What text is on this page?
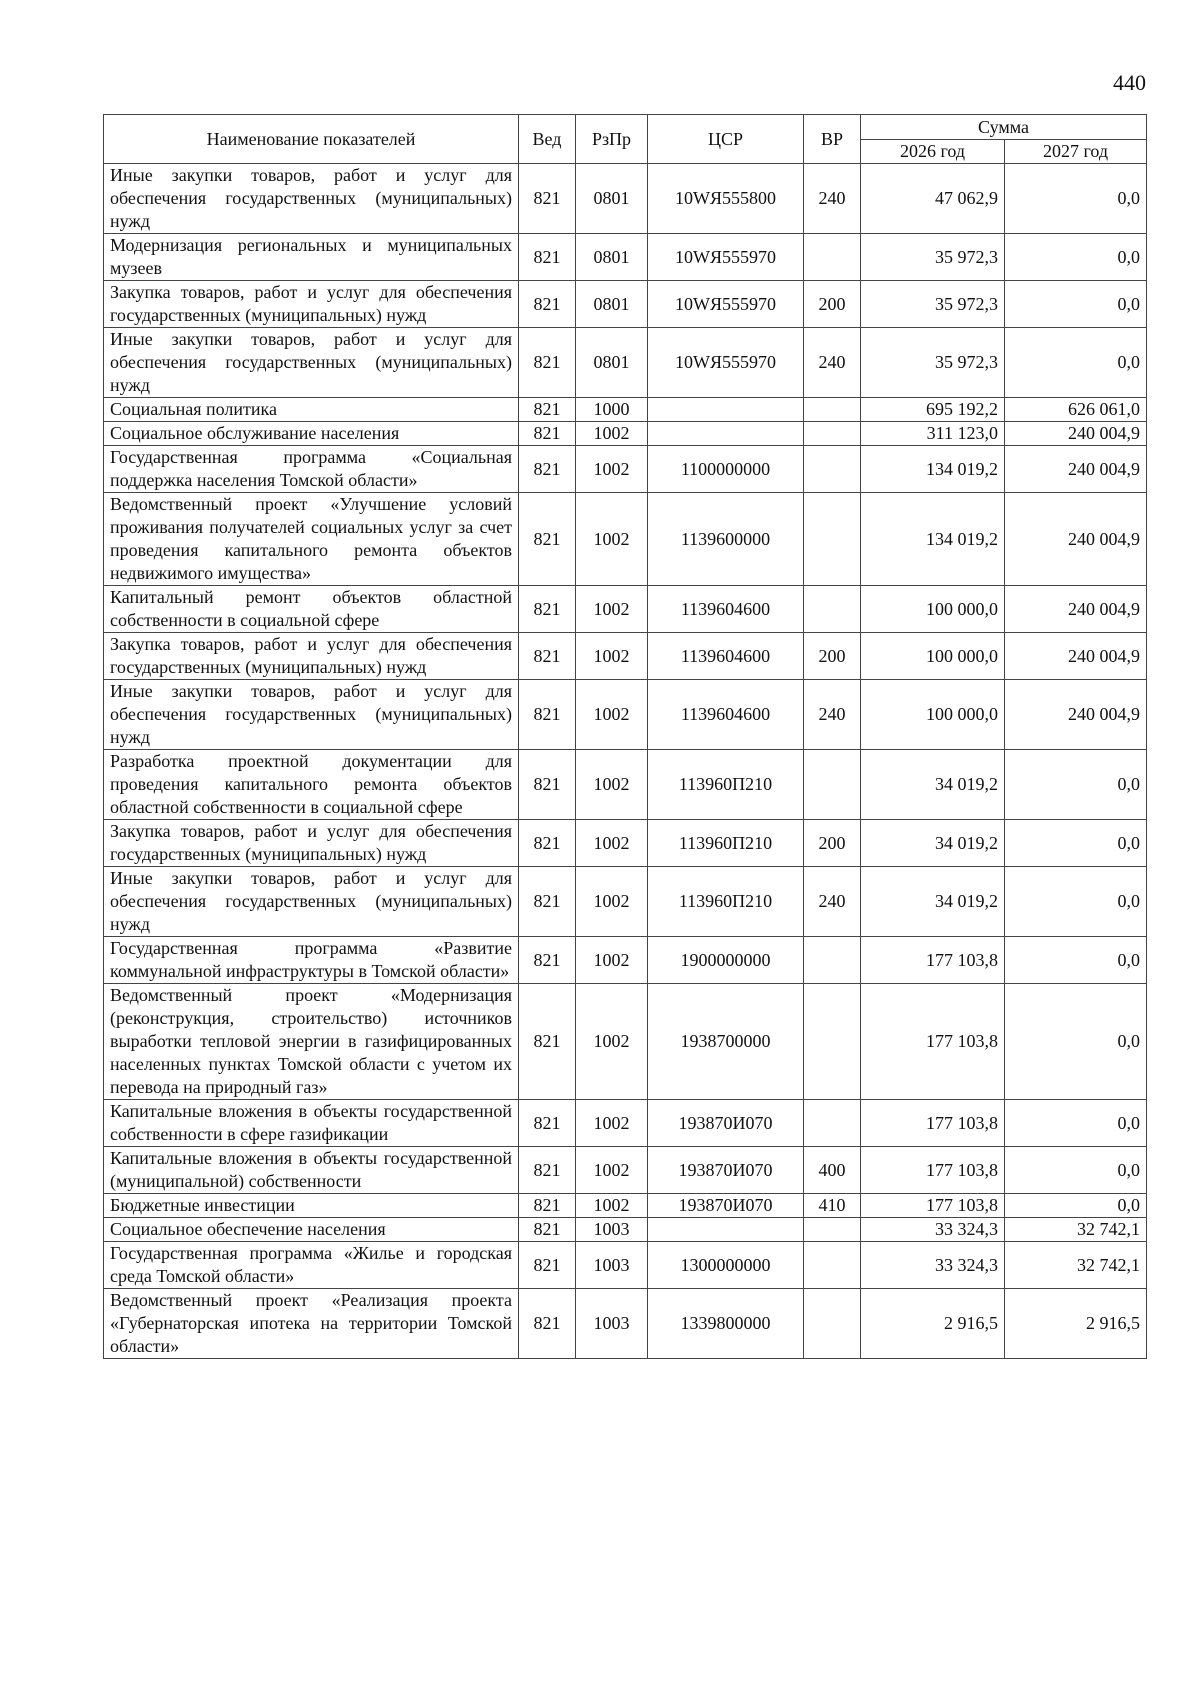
440
Наименование показателей	Вед	РзПр	ЦСР	ВР	Сумма	
					2026 год	2027 год
Иные закупки товаров, работ и услуг для обеспечения государственных (муниципальных) нужд	821	0801	10WЯ555800	240	47 062,9	0,0
Модернизация региональных и муниципальных музеев	821	0801	10WЯ555970		35 972,3	0,0
Закупка товаров, работ и услуг для обеспечения государственных (муниципальных) нужд	821	0801	10WЯ555970	200	35 972,3	0,0
Иные закупки товаров, работ и услуг для обеспечения государственных (муниципальных) нужд	821	0801	10WЯ555970	240	35 972,3	0,0
Социальная политика	821	1000			695 192,2	626 061,0
Социальное обслуживание населения	821	1002			311 123,0	240 004,9
Государственная программа «Социальная поддержка населения Томской области»	821	1002	1100000000		134 019,2	240 004,9
Ведомственный проект «Улучшение условий проживания получателей социальных услуг за счет проведения капитального ремонта объектов недвижимого имущества»	821	1002	1139600000		134 019,2	240 004,9
Капитальный ремонт объектов областной собственности в социальной сфере	821	1002	1139604600		100 000,0	240 004,9
Закупка товаров, работ и услуг для обеспечения государственных (муниципальных) нужд	821	1002	1139604600	200	100 000,0	240 004,9
Иные закупки товаров, работ и услуг для обеспечения государственных (муниципальных) нужд	821	1002	1139604600	240	100 000,0	240 004,9
Разработка проектной документации для проведения капитального ремонта объектов областной собственности в социальной сфере	821	1002	113960П210		34 019,2	0,0
Закупка товаров, работ и услуг для обеспечения государственных (муниципальных) нужд	821	1002	113960П210	200	34 019,2	0,0
Иные закупки товаров, работ и услуг для обеспечения государственных (муниципальных) нужд	821	1002	113960П210	240	34 019,2	0,0
Государственная программа «Развитие коммунальной инфраструктуры в Томской области»	821	1002	1900000000		177 103,8	0,0
Ведомственный проект «Модернизация (реконструкция, строительство) источников выработки тепловой энергии в газифицированных населенных пунктах Томской области с учетом их перевода на природный газ»	821	1002	1938700000		177 103,8	0,0
Капитальные вложения в объекты государственной собственности в сфере газификации	821	1002	193870И070		177 103,8	0,0
Капитальные вложения в объекты государственной (муниципальной) собственности	821	1002	193870И070	400	177 103,8	0,0
Бюджетные инвестиции	821	1002	193870И070	410	177 103,8	0,0
Социальное обеспечение населения	821	1003			33 324,3	32 742,1
Государственная программа «Жилье и городская среда Томской области»	821	1003	1300000000		33 324,3	32 742,1
Ведомственный проект «Реализация проекта «Губернаторская ипотека на территории Томской области»	821	1003	1339800000		2 916,5	2 916,5
